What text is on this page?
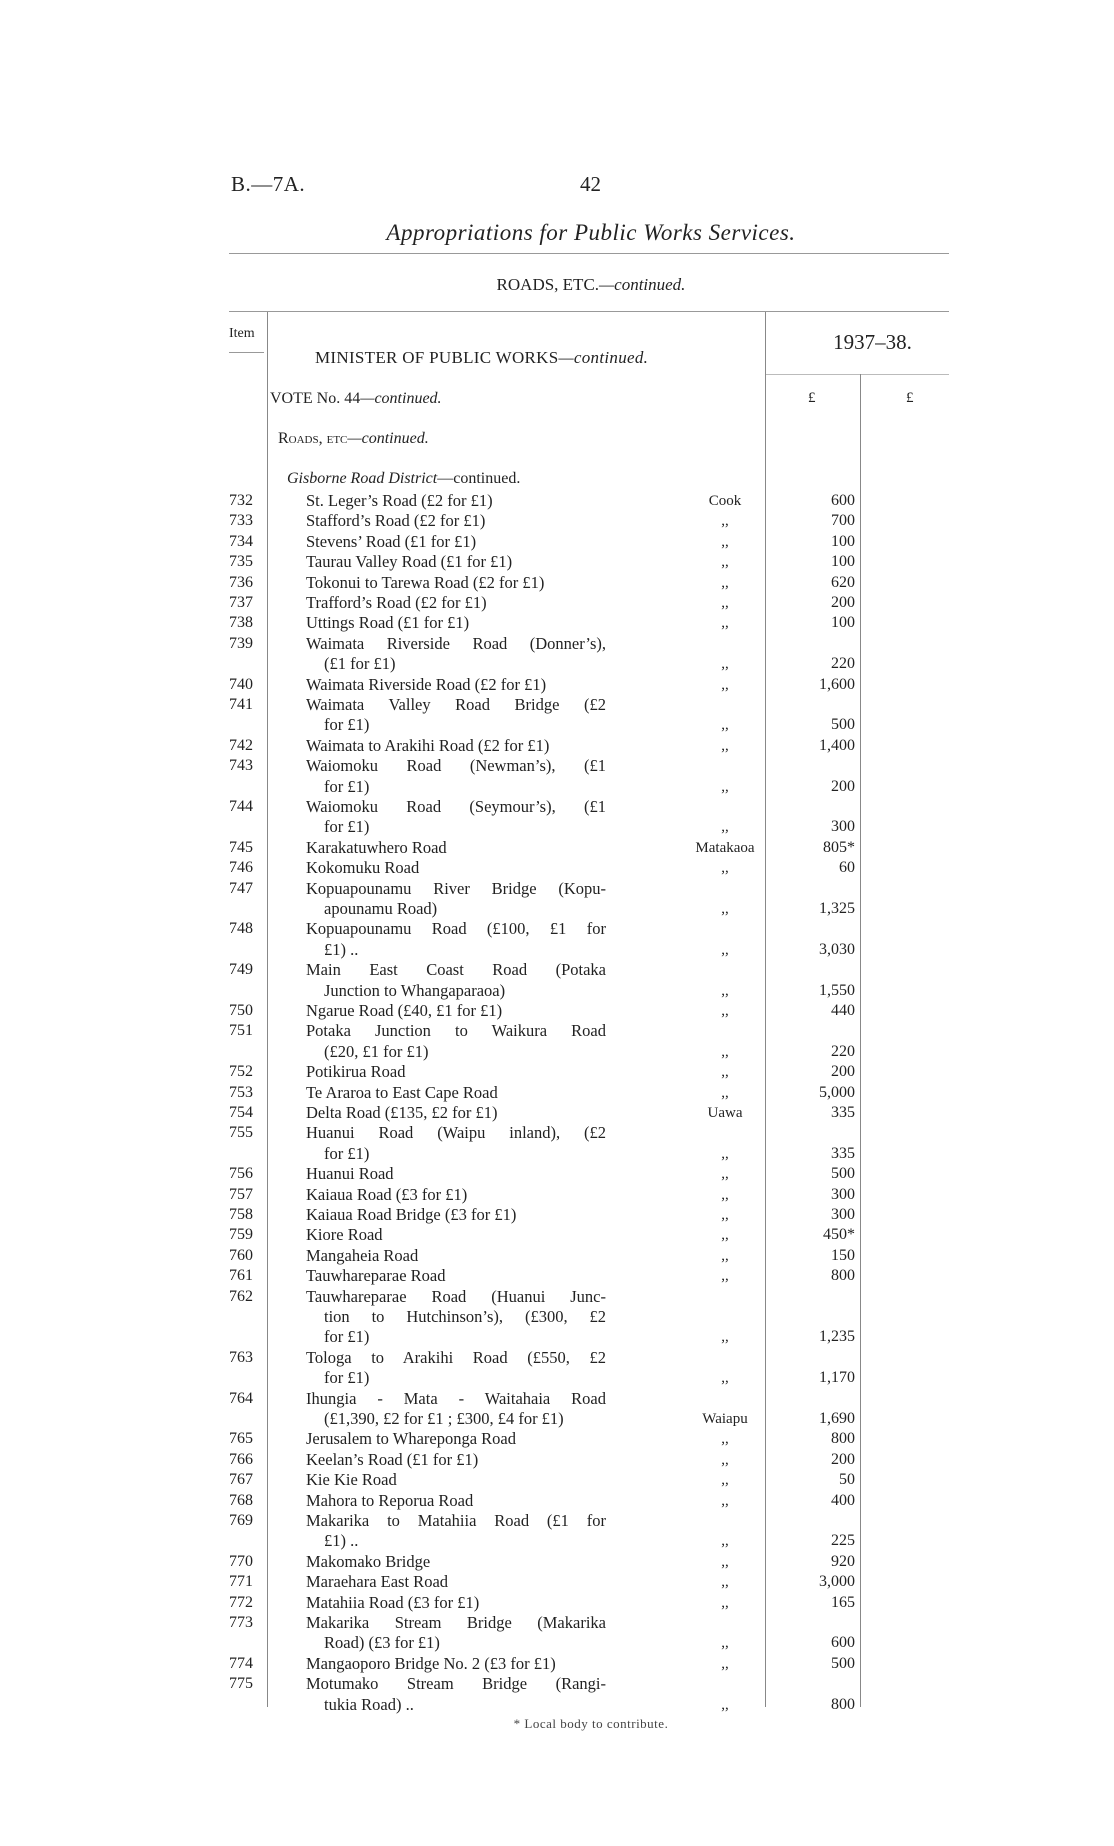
B.—7A.	42
Appropriations for Public Works Services.
ROADS, ETC.—continued.
Item
MINISTER OF PUBLIC WORKS—continued.
1937–38.
£	£
VOTE No. 44—continued.
Roads, etc—continued.
Gisborne Road District—continued.
732	St. Leger’s Road (£2 for £1)	Cook	600
733	Stafford’s Road (£2 for £1)	,,	700
734	Stevens’ Road (£1 for £1)	,,	100
735	Taurau Valley Road (£1 for £1)	,,	100
736	Tokonui to Tarewa Road (£2 for £1)	,,	620
737	Trafford’s Road (£2 for £1)	,,	200
738	Uttings Road (£1 for £1)	,,	100
739	Waimata Riverside Road (Donner’s),
(£1 for £1)	,,	220
740	Waimata Riverside Road (£2 for £1)	,,	1,600
741	Waimata Valley Road Bridge (£2
for £1)	,,	500
742	Waimata to Arakihi Road (£2 for £1)	,,	1,400
743	Waiomoku Road (Newman’s), (£1
for £1)	,,	200
744	Waiomoku Road (Seymour’s), (£1
for £1)	,,	300
745	Karakatuwhero Road	Matakaoa	805*
746	Kokomuku Road	,,	60
747	Kopuapounamu River Bridge (Kopu-
apounamu Road)	,,	1,325
748	Kopuapounamu Road (£100, £1 for
£1) ..	,,	3,030
749	Main East Coast Road (Potaka
Junction to Whangaparaoa)	,,	1,550
750	Ngarue Road (£40, £1 for £1)	,,	440
751	Potaka Junction to Waikura Road
(£20, £1 for £1)	,,	220
752	Potikirua Road	,,	200
753	Te Araroa to East Cape Road	,,	5,000
754	Delta Road (£135, £2 for £1)	Uawa	335
755	Huanui Road (Waipu inland), (£2
for £1)	,,	335
756	Huanui Road	,,	500
757	Kaiaua Road (£3 for £1)	,,	300
758	Kaiaua Road Bridge (£3 for £1)	,,	300
759	Kiore Road	,,	450*
760	Mangaheia Road	,,	150
761	Tauwhareparae Road	,,	800
762	Tauwhareparae Road (Huanui Junc-
tion to Hutchinson’s), (£300, £2
for £1)	,,	1,235
763	Tologa to Arakihi Road (£550, £2
for £1)	,,	1,170
764	Ihungia - Mata - Waitahaia Road
(£1,390, £2 for £1 ; £300, £4 for £1)	Waiapu	1,690
765	Jerusalem to Whareponga Road	,,	800
766	Keelan’s Road (£1 for £1)	,,	200
767	Kie Kie Road	,,	50
768	Mahora to Reporua Road	,,	400
769	Makarika to Matahiia Road (£1 for
£1) ..	,,	225
770	Makomako Bridge	,,	920
771	Maraehara East Road	,,	3,000
772	Matahiia Road (£3 for £1)	,,	165
773	Makarika Stream Bridge (Makarika
Road) (£3 for £1)	,,	600
774	Mangaoporo Bridge No. 2 (£3 for £1)	,,	500
775	Motumako Stream Bridge (Rangi-
tukia Road) ..	,,	800
* Local body to contribute.
